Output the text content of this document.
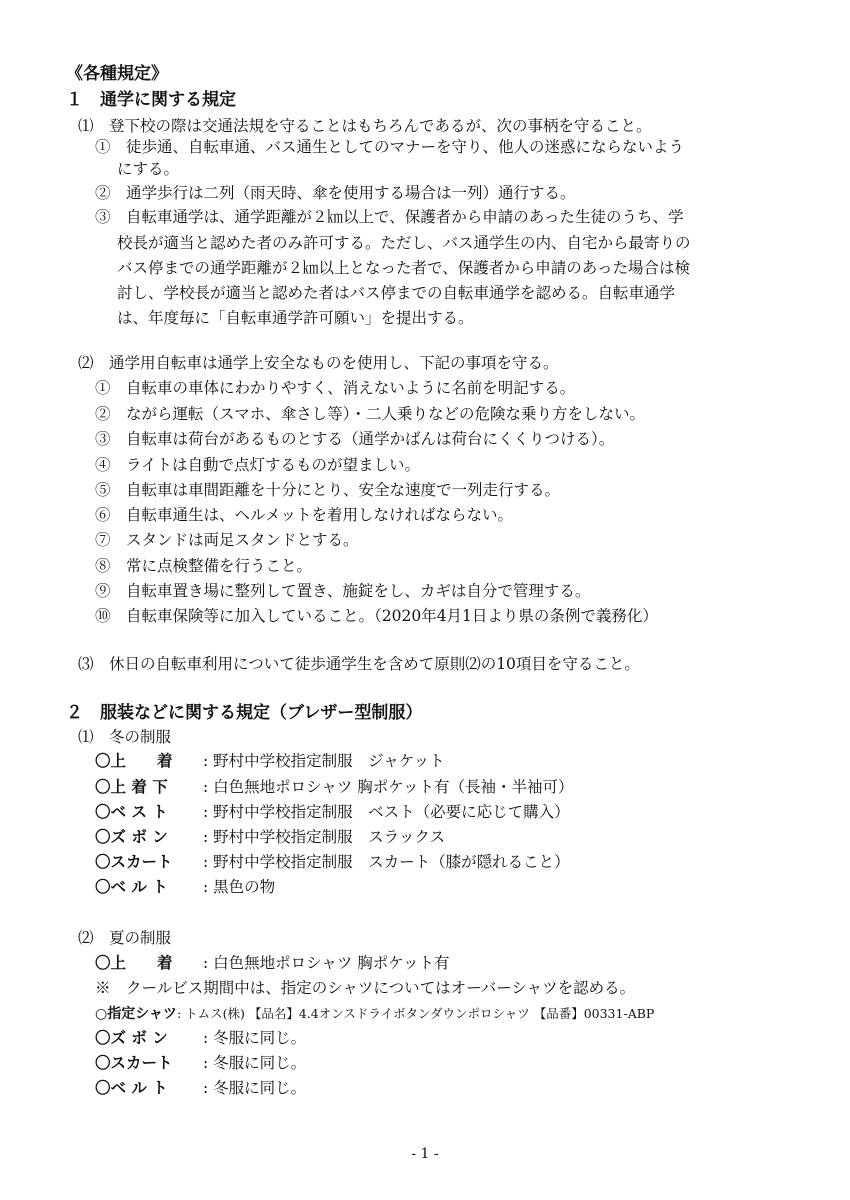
《各種規定》
１　通学に関する規定
⑴　登下校の際は交通法規を守ることはもちろんであるが、次の事柄を守ること。
①　徒歩通、自転車通、バス通生としてのマナーを守り、他人の迷惑にならないよう
にする。
②　通学歩行は二列（雨天時、傘を使用する場合は一列）通行する。
③　自転車通学は、通学距離が２㎞以上で、保護者から申請のあった生徒のうち、学
校長が適当と認めた者のみ許可する。ただし、バス通学生の内、自宅から最寄りの
バス停までの通学距離が２㎞以上となった者で、保護者から申請のあった場合は検
討し、学校長が適当と認めた者はバス停までの自転車通学を認める。自転車通学
は、年度毎に「自転車通学許可願い」を提出する。
⑵　通学用自転車は通学上安全なものを使用し、下記の事項を守る。
①　自転車の車体にわかりやすく、消えないように名前を明記する。
②　ながら運転（スマホ、傘さし等）・二人乗りなどの危険な乗り方をしない。
③　自転車は荷台があるものとする（通学かばんは荷台にくくりつける）。
④　ライトは自動で点灯するものが望ましい。
⑤　自転車は車間距離を十分にとり、安全な速度で一列走行する。
⑥　自転車通生は、ヘルメットを着用しなければならない。
⑦　スタンドは両足スタンドとする。
⑧　常に点検整備を行うこと。
⑨　自転車置き場に整列して置き、施錠をし、カギは自分で管理する。
⑩　自転車保険等に加入していること。（2020年4月1日より県の条例で義務化）
⑶　休日の自転車利用について徒歩通学生を含めて原則⑵の10項目を守ること。
２　服装などに関する規定（ブレザー型制服）
⑴　冬の制服
〇上　　着 : 野村中学校指定制服　ジャケット
〇上 着 下 : 白色無地ポロシャツ 胸ポケット有（長袖・半袖可）
〇ベ ス ト : 野村中学校指定制服　ベスト（必要に応じて購入）
〇ズ ボ ン : 野村中学校指定制服　スラックス
〇スカート : 野村中学校指定制服　スカート（膝が隠れること）
〇ベ ル ト : 黒色の物
⑵　夏の制服
〇上　　着 : 白色無地ポロシャツ 胸ポケット有
※　クールビス期間中は、指定のシャツについてはオーバーシャツを認める。
○指定シャツ: トムス(株) 【品名】4.4オンスドライボタンダウンポロシャツ 【品番】00331‐ABP
〇ズ ボ ン : 冬服に同じ。
〇スカート : 冬服に同じ。
〇ベ ル ト : 冬服に同じ。
- 1 -
